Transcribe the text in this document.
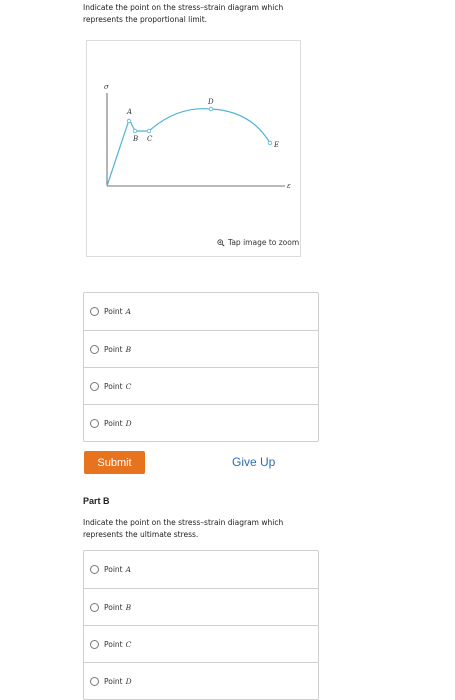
Indicate the point on the stress–strain diagram which
represents the proportional limit.
σ
ε
A
B C
D
E
Tap image to zoom
Point A
Point B
Point C
Point D
Submit	Give Up
Part B
Indicate the point on the stress–strain diagram which
represents the ultimate stress.
Point A
Point B
Point C
Point D
